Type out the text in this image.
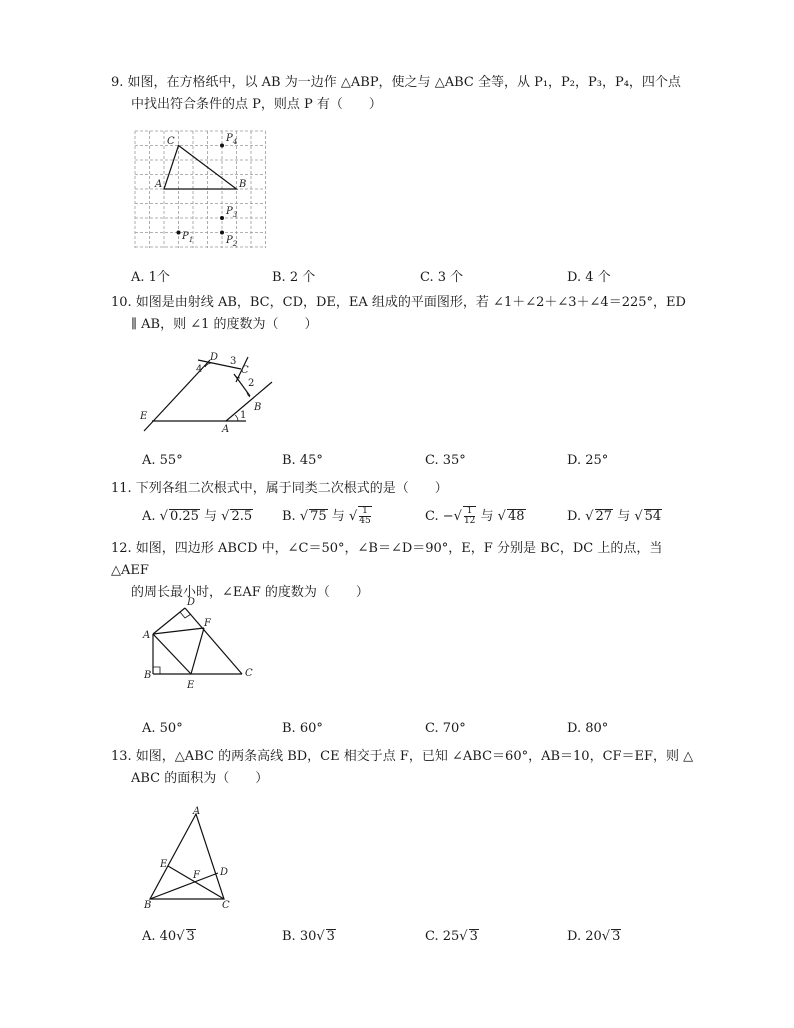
9. 如图，在方格纸中，以 AB 为一边作 △ABP，使之与 △ABC 全等，从 P₁，P₂，P₃，P₄，四个点
中找出符合条件的点 P，则点 P 有（　　）
A	B
C	$P_4$
$P_3$
$P_1$	$P_2$
A. 1个	B. 2 个	C. 3 个	D. 4 个
10. 如图是由射线 AB，BC，CD，DE，EA 组成的平面图形，若 ∠1＋∠2＋∠3＋∠4＝225°，ED
∥ AB，则 ∠1 的度数为（　　）
E
A
B
C
D
1
2
3
4
A. 55°	B. 45°	C. 35°	D. 25°
11. 下列各组二次根式中，属于同类二次根式的是（　　）
A. √ 0.25 与 √ 2.5 B. √ 75 与 √ $\frac{1}{45}$	C. − √ $\frac{1}{12}$ 与 √ 48	D. √ 27 与 √ 54
12. 如图，四边形 ABCD 中，∠C＝50°，∠B＝∠D＝90°，E，F 分别是 BC，DC 上的点，当 △AEF
的周长最小时，∠EAF 的度数为（　　）
D
A
B
E
F
C
A. 50°	B. 60°	C. 70°	D. 80°
13. 如图，△ABC 的两条高线 BD，CE 相交于点 F，已知 ∠ABC＝60°，AB＝10，CF＝EF，则 △
ABC 的面积为（　　）
A
E
F D
B	C
A. 40 √ 3	B. 30 √ 3	C. 25 √ 3	D. 20 √ 3
